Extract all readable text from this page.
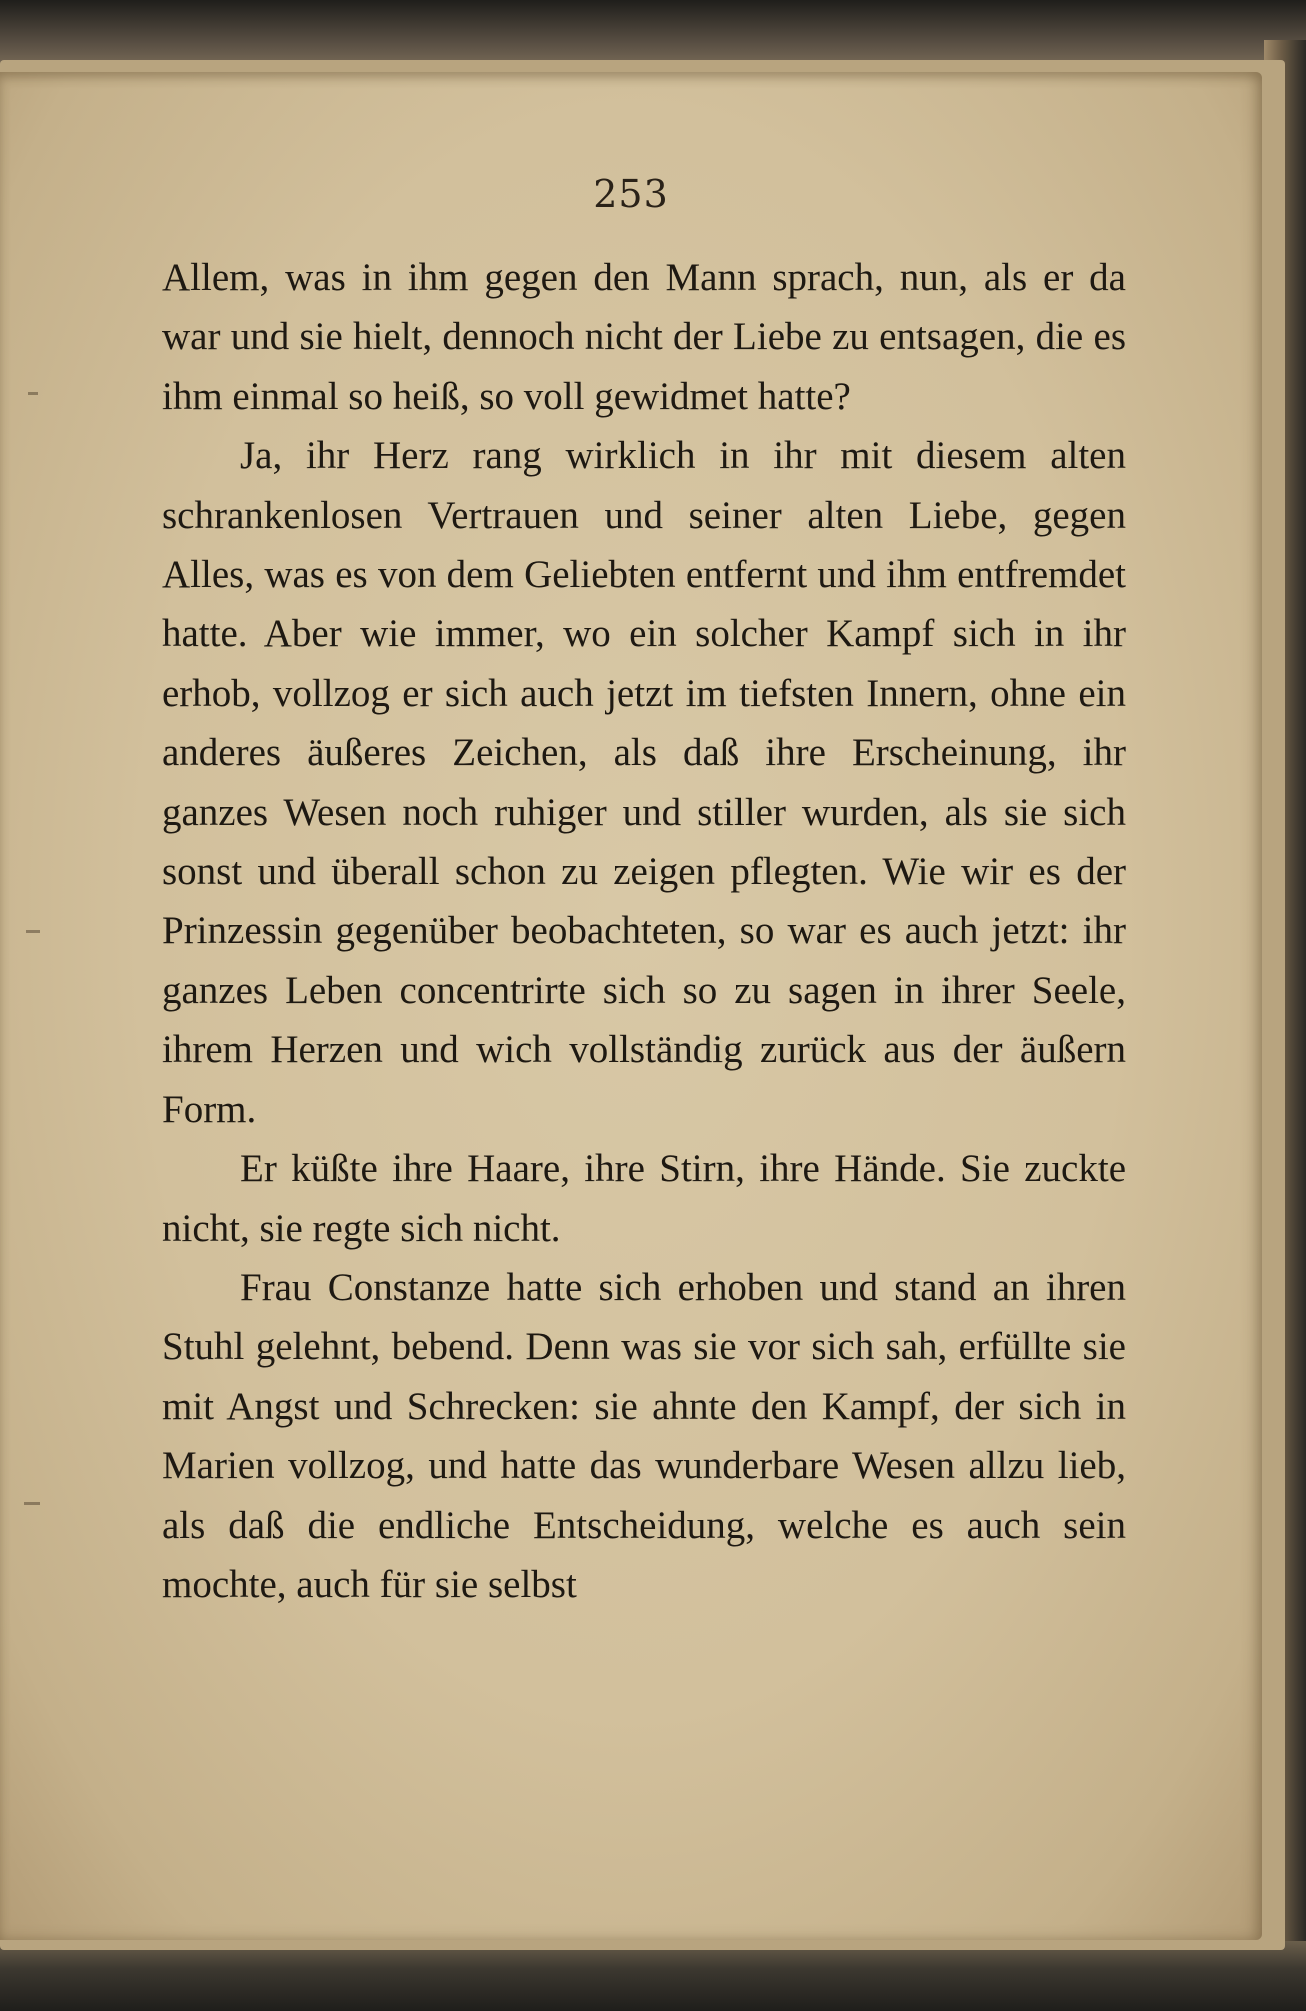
253

Allem, was in ihm gegen den Mann sprach, nun, als er da war und sie hielt, dennoch nicht der Liebe zu entsagen, die es ihm einmal so heiß, so voll gewidmet hatte?

Ja, ihr Herz rang wirklich in ihr mit diesem alten schrankenlosen Vertrauen und seiner alten Liebe, gegen Alles, was es von dem Geliebten entfernt und ihm entfremdet hatte. Aber wie immer, wo ein solcher Kampf sich in ihr erhob, vollzog er sich auch jetzt im tiefsten Innern, ohne ein anderes äußeres Zeichen, als daß ihre Erscheinung, ihr ganzes Wesen noch ruhiger und stiller wurden, als sie sich sonst und überall schon zu zeigen pflegten. Wie wir es der Prinzessin gegenüber beobachteten, so war es auch jetzt: ihr ganzes Leben concentrirte sich so zu sagen in ihrer Seele, ihrem Herzen und wich vollständig zurück aus der äußern Form.

Er küßte ihre Haare, ihre Stirn, ihre Hände. Sie zuckte nicht, sie regte sich nicht.

Frau Constanze hatte sich erhoben und stand an ihren Stuhl gelehnt, bebend. Denn was sie vor sich sah, erfüllte sie mit Angst und Schrecken: sie ahnte den Kampf, der sich in Marien vollzog, und hatte das wunderbare Wesen allzu lieb, als daß die endliche Entscheidung, welche es auch sein mochte, auch für sie selbst
